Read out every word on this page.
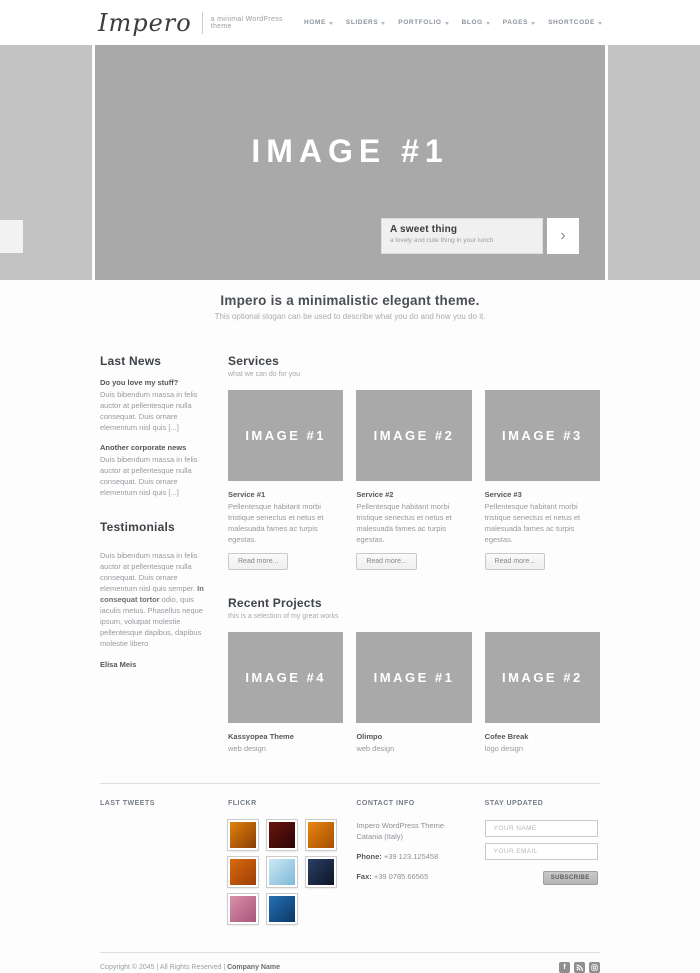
Impero	a minimal WordPress theme	HOME	SLIDERS	PORTFOLIO	BLOG	PAGES	SHORTCODE
IMAGE #1
A sweet thing
a lovely and cute thing in your lunch	›
Impero is a minimalistic elegant theme.
This optional slogan can be used to describe what you do and how you do it.
Last News
Do you love my stuff?
Duis bibendum massa in felis auctor at pellentesque nulla consequat. Duis ornare elementum nisl quis [...]
Another corporate news
Duis bibendum massa in felis auctor at pellentesque nulla consequat. Duis ornare elementum nisl quis [...]
Testimonials
Duis bibendum massa in felis auctor at pellentesque nulla consequat. Duis ornare elementum nisl quis semper. In consequat tortor odio, quis iaculis metus. Phasellus neque ipsum, volutpat molestie pellentesque dapibus, dapibus molestie libero
Elisa Meis
Services
what we can do for you
IMAGE #1
Service #1
Pellentesque habitant morbi tristique senectus et netus et malesuada fames ac turpis egestas.
Read more...
IMAGE #2
Service #2
Pellentesque habitant morbi tristique senectus et netus et malesuada fames ac turpis egestas.
Read more...
IMAGE #3
Service #3
Pellentesque habitant morbi tristique senectus et netus et malesuada fames ac turpis egestas.
Read more...
Recent Projects
this is a selection of my great works
IMAGE #4
Kassyopea Theme
web design
IMAGE #1
Olimpo
web design
IMAGE #2
Cofee Break
logo design
LAST TWEETS	FLICKR	CONTACT INFO
Impero WordPress Theme Catania (Italy)
Phone: +39 123.125458
Fax: +39 0785.66565
STAY UPDATED
YOUR NAME
YOUR EMAIL
SUBSCRIBE
Copyright © 2045 | All Rights Reserved | Company Name	f
